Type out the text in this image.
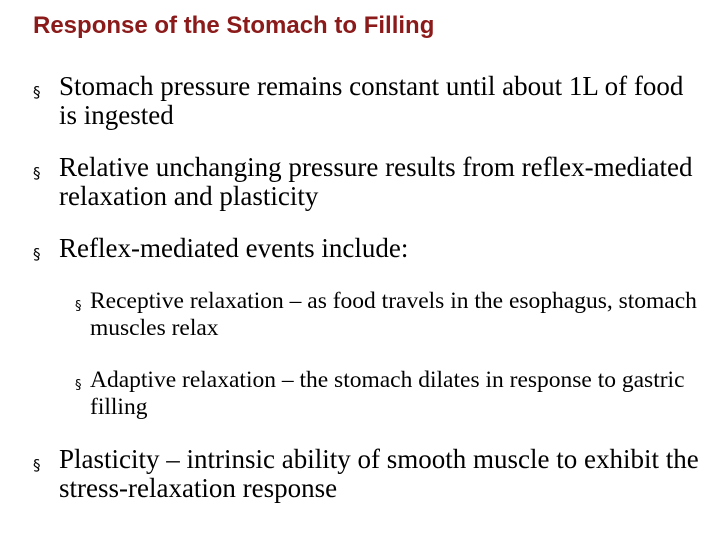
Response of the Stomach to Filling
§ Stomach pressure remains constant until about 1L of food is ingested
§ Relative unchanging pressure results from reflex-mediated relaxation and plasticity
§ Reflex-mediated events include:
§ Receptive relaxation – as food travels in the esophagus, stomach muscles relax
§ Adaptive relaxation – the stomach dilates in response to gastric filling
§ Plasticity – intrinsic ability of smooth muscle to exhibit the stress-relaxation response
